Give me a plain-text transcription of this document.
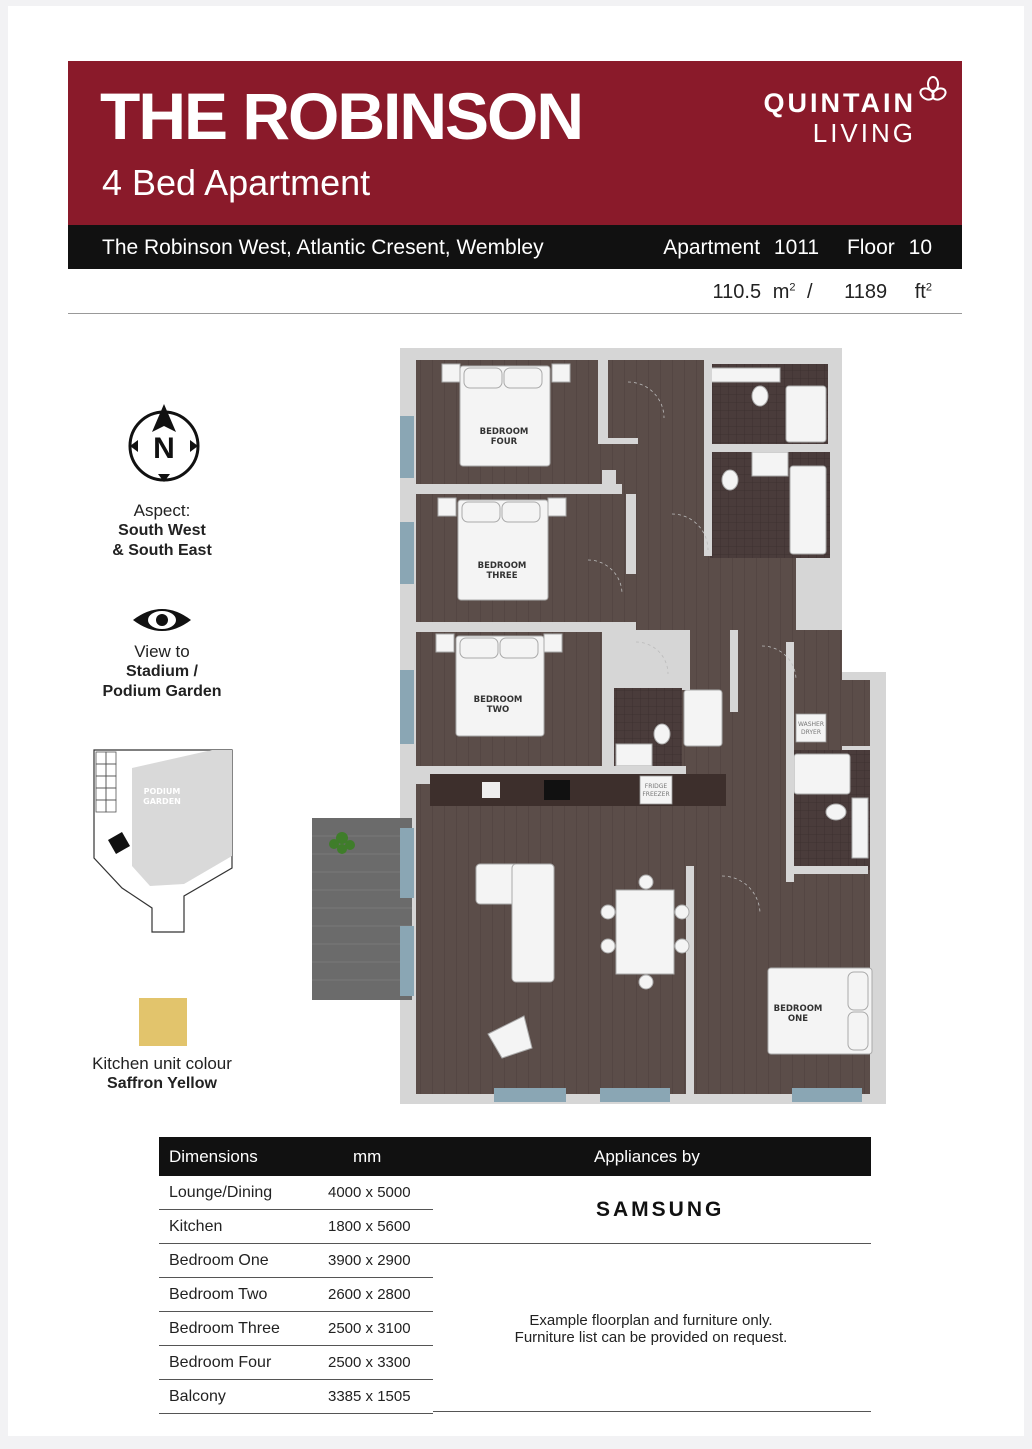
THE ROBINSON
4 Bed Apartment
QUINTAIN
LIVING
The Robinson West, Atlantic Cresent, Wembley	Apartment 1011 Floor 10
110.5 $m^2 / 1189$ $ft^2$
N
Aspect:
South West
& South East
View to
Stadium /
Podium Garden
PODIUM
GARDEN
Kitchen unit colour
Saffron Yellow
FRIDGE
FREEZER
WASHER
DRYER
BEDROOM
FOUR
BEDROOM
THREE
BEDROOM
TWO
BEDROOM
ONE
Dimensions	mm	Appliances by
Lounge/Dining	4000 x 5000
Kitchen	1800 x 5600
Bedroom One	3900 x 2900
Bedroom Two	2600 x 2800
Bedroom Three	2500 x 3100
Bedroom Four	2500 x 3300
Balcony	3385 x 1505
SAMSUNG
Example floorplan and furniture only.
Furniture list can be provided on request.
